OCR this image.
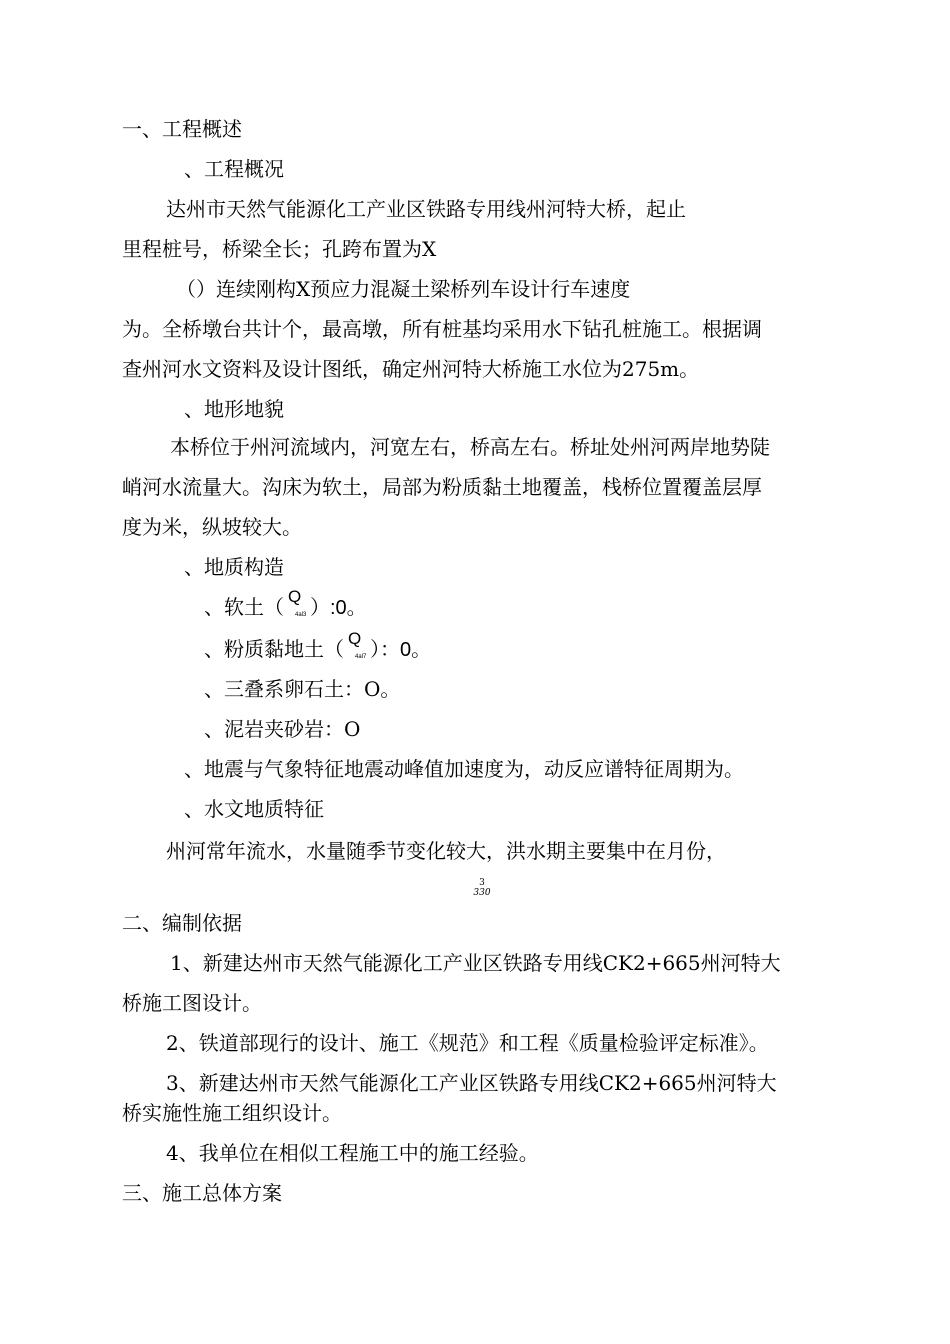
一、工程概述
、工程概况
达州市天然气能源化工产业区铁路专用线州河特大桥，起止
里程桩号，桥梁全长；孔跨布置为X
（）连续刚构X预应力混凝土梁桥列车设计行车速度
为。全桥墩台共计个，最高墩，所有桩基均采用水下钻孔桩施工。根据调
查州河水文资料及设计图纸，确定州河特大桥施工水位为275m。
、地形地貌
本桥位于州河流域内，河宽左右，桥高左右。桥址处州河两岸地势陡
峭河水流量大。沟床为软土，局部为粉质黏土地覆盖，栈桥位置覆盖层厚
度为米，纵坡较大。
、地质构造
、软土（ Q
4al3 ）:0。
、粉质黏地土（ Q
4al7 ）：0。
、三叠系卵石土：O。
、泥岩夹砂岩：O
、地震与气象特征地震动峰值加速度为，动反应谱特征周期为。
、水文地质特征
州河常年流水，水量随季节变化较大，洪水期主要集中在月份，
3
330
二、编制依据
1、新建达州市天然气能源化工产业区铁路专用线CK2+665州河特大
桥施工图设计。
2、铁道部现行的设计、施工《规范》和工程《质量检验评定标准》。
3、新建达州市天然气能源化工产业区铁路专用线CK2+665州河特大
桥实施性施工组织设计。
4、我单位在相似工程施工中的施工经验。
三、施工总体方案
